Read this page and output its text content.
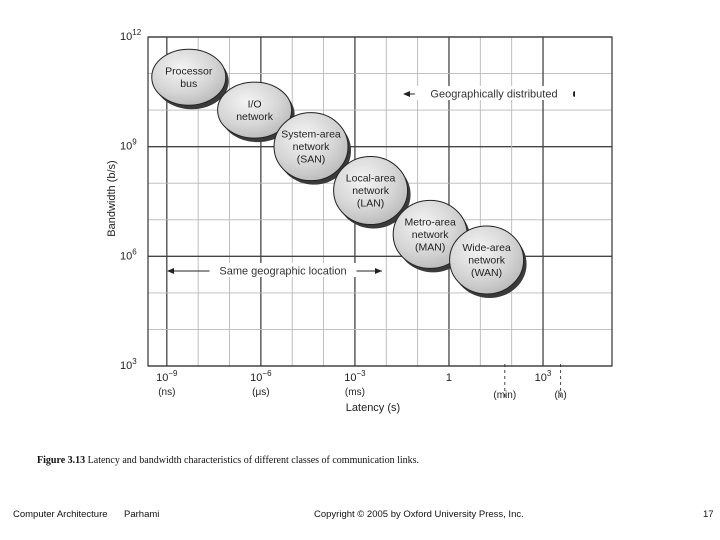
Processor
bus
I/O
network
System-area
network
(SAN)
Local-area
network
(LAN)
Metro-area
network
(MAN) Wide-area
network
(WAN)
Geographically distributed
Same geographic location
$10^{12}$
$10^9$
$10^6$
$10^3$
$10^{-9}$
(ns)
$10^{-6}$
(μs)
$10^{-3}$
(ms)
1	$10^3$
(min)	(h)
Latency (s)
Bandwidth (b/s)
Figure 3.13 Latency and bandwidth characteristics of different classes of communication links.
Computer Architecture Parhami	Copyright © 2005 by Oxford University Press, Inc.	17
